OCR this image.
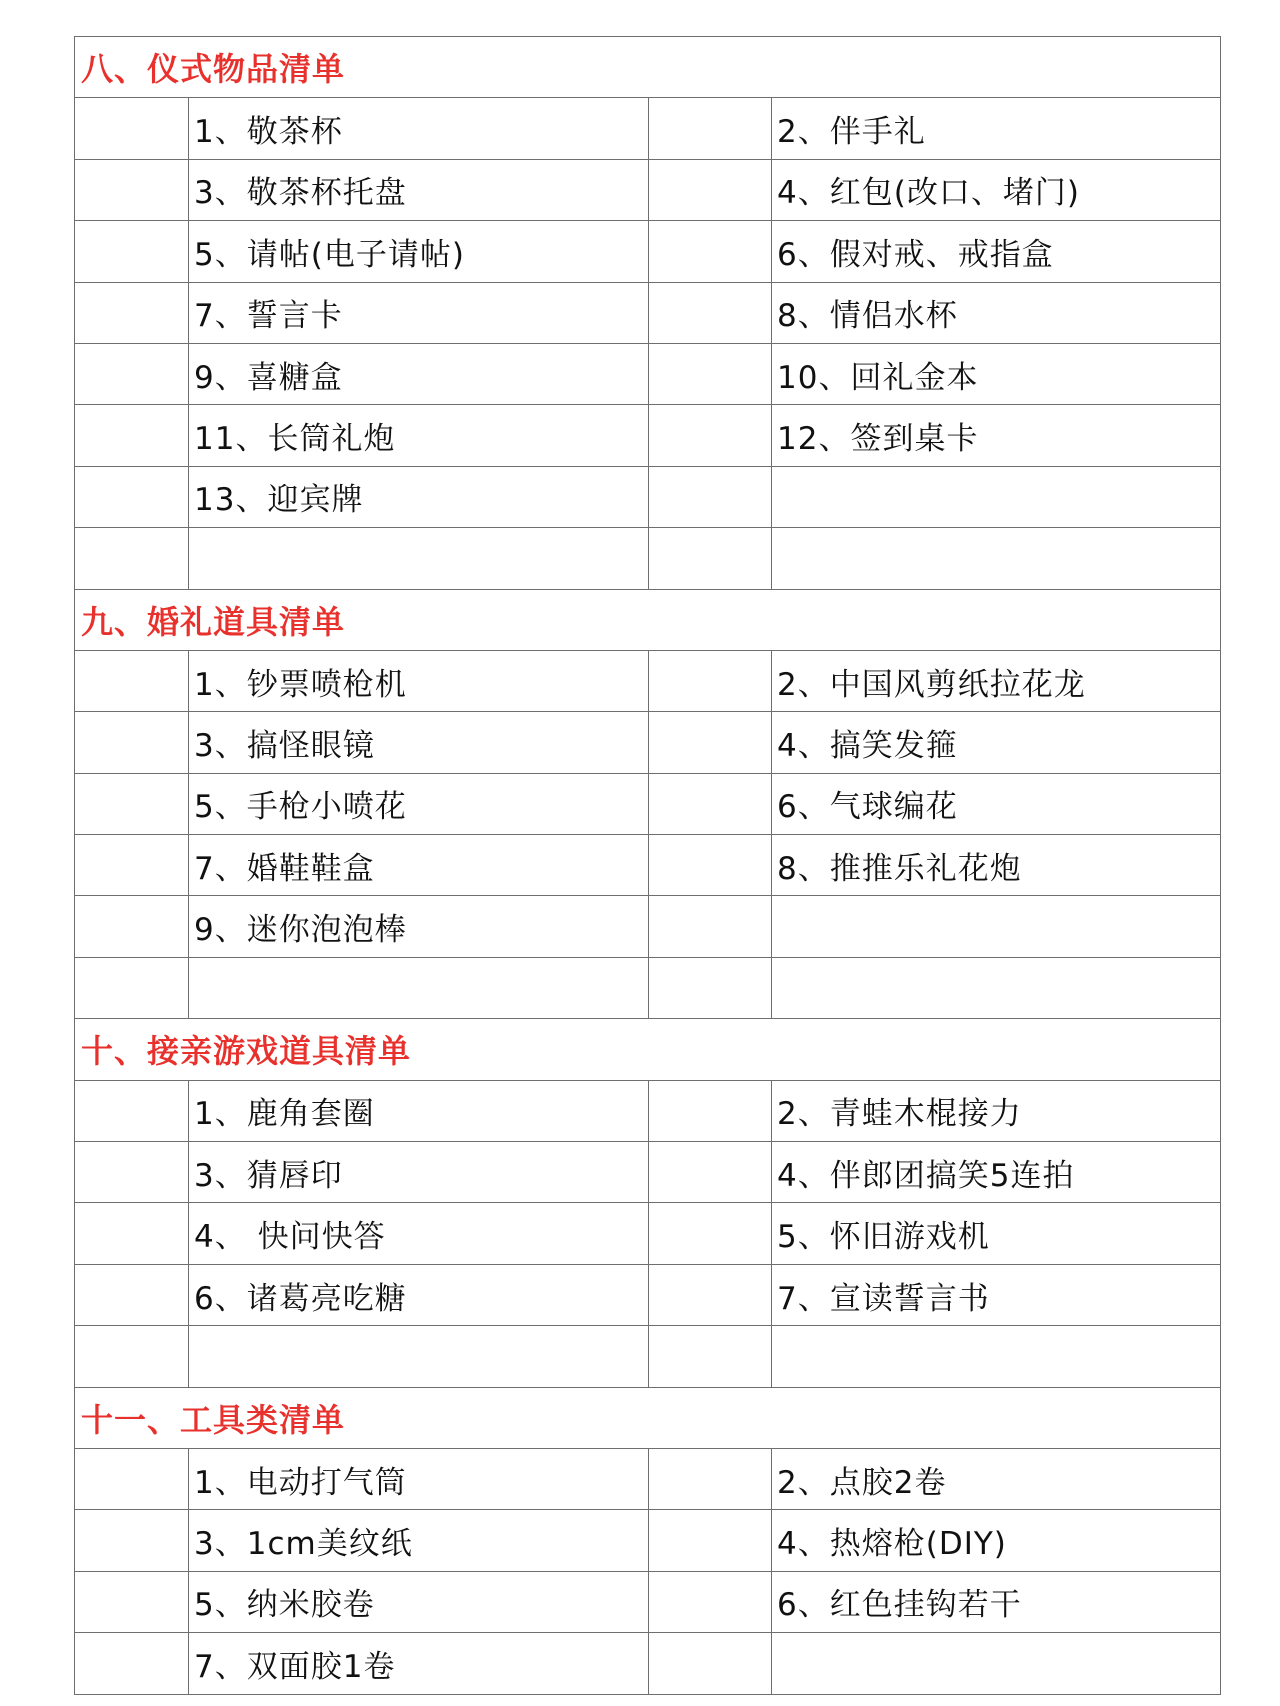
八、仪式物品清单			
	1、敬茶杯		2、伴手礼
	3、敬茶杯托盘		4、红包(改口、堵门)
	5、请帖(电子请帖)		6、假对戒、戒指盒
	7、誓言卡		8、情侣水杯
	9、喜糖盒		10、回礼金本
	11、长筒礼炮		12、签到桌卡
	13、迎宾牌		

九、婚礼道具清单			
	1、钞票喷枪机		2、中国风剪纸拉花龙
	3、搞怪眼镜		4、搞笑发箍
	5、手枪小喷花		6、气球编花
	7、婚鞋鞋盒		8、推推乐礼花炮
	9、迷你泡泡棒		

十、接亲游戏道具清单			
	1、鹿角套圈		2、青蛙木棍接力
	3、猜唇印		4、伴郎团搞笑5连拍
	4、 快问快答		5、怀旧游戏机
	6、诸葛亮吃糖		7、宣读誓言书

十一、工具类清单			
	1、电动打气筒		2、点胶2卷
	3、1cm美纹纸		4、热熔枪(DIY)
	5、纳米胶卷		6、红色挂钩若干
	7、双面胶1卷		
